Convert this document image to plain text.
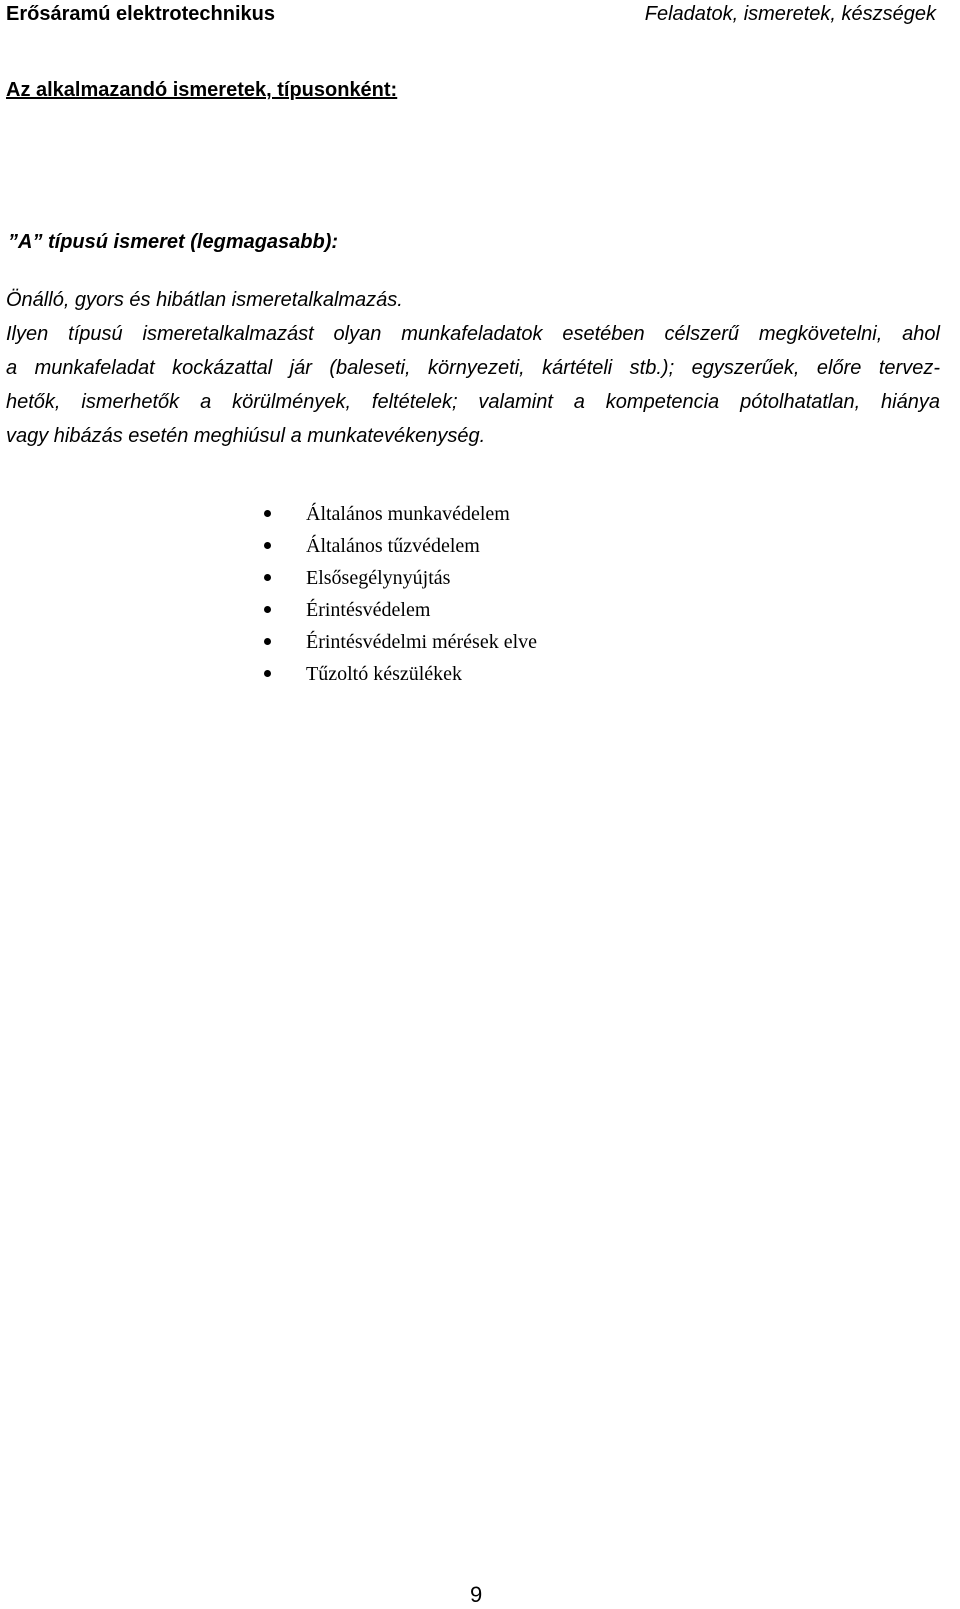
Erősáramú elektrotechnikus	Feladatok, ismeretek, készségek
Az alkalmazandó ismeretek, típusonként:
”A” típusú ismeret (legmagasabb):
Önálló, gyors és hibátlan ismeretalkalmazás.
Ilyen típusú ismeretalkalmazást olyan munkafeladatok esetében célszerű megkövetelni, ahol
a munkafeladat kockázattal jár (baleseti, környezeti, kártételi stb.); egyszerűek, előre tervez-
hetők, ismerhetők a körülmények, feltételek; valamint a kompetencia pótolhatatlan, hiánya
vagy hibázás esetén meghiúsul a munkatevékenység.
Általános munkavédelem
Általános tűzvédelem
Elsősegélynyújtás
Érintésvédelem
Érintésvédelmi mérések elve
Tűzoltó készülékek
9
